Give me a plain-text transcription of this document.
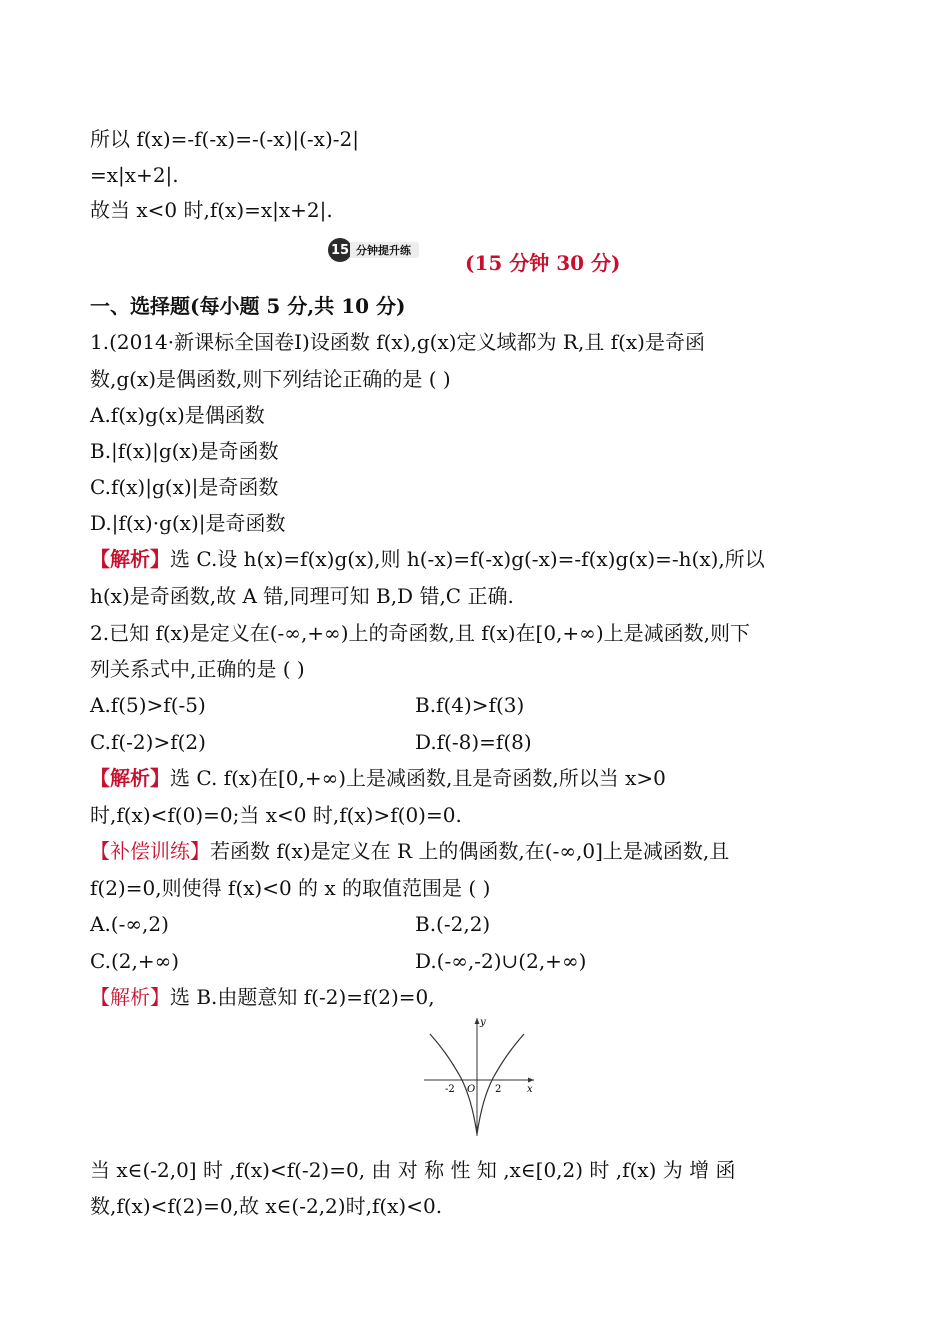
所以 f(x)=-f(-x)=-(-x)|(-x)-2|
=x|x+2|.
故当 x<0 时,f(x)=x|x+2|.
15 分钟提升练
(15 分钟 30 分)
一、选择题(每小题 5 分,共 10 分)
1.(2014·新课标全国卷Ⅰ)设函数 f(x),g(x)定义域都为 R,且 f(x)是奇函
数,g(x)是偶函数,则下列结论正确的是 ( )
A.f(x)g(x)是偶函数
B.|f(x)|g(x)是奇函数
C.f(x)|g(x)|是奇函数
D.|f(x)·g(x)|是奇函数
【解析】选 C.设 h(x)=f(x)g(x),则 h(-x)=f(-x)g(-x)=-f(x)g(x)=-h(x),所以
h(x)是奇函数,故 A 错,同理可知 B,D 错,C 正确.
2.已知 f(x)是定义在(-∞,+∞)上的奇函数,且 f(x)在[0,+∞)上是减函数,则下
列关系式中,正确的是 ( )
A.f(5)>f(-5)	B.f(4)>f(3)
C.f(-2)>f(2)	D.f(-8)=f(8)
【解析】选 C. f(x)在[0,+∞)上是减函数,且是奇函数,所以当 x>0
时,f(x)<f(0)=0;当 x<0 时,f(x)>f(0)=0.
【补偿训练】若函数 f(x)是定义在 R 上的偶函数,在(-∞,0]上是减函数,且
f(2)=0,则使得 f(x)<0 的 x 的取值范围是 ( )
A.(-∞,2)	B.(-2,2)
C.(2,+∞)	D.(-∞,-2)∪(2,+∞)
【解析】选 B.由题意知 f(-2)=f(2)=0,
y
x
O
-2	2
当 x∈(-2,0] 时 ,f(x)<f(-2)=0, 由 对 称 性 知 ,x∈[0,2) 时 ,f(x) 为 增 函
数,f(x)<f(2)=0,故 x∈(-2,2)时,f(x)<0.
